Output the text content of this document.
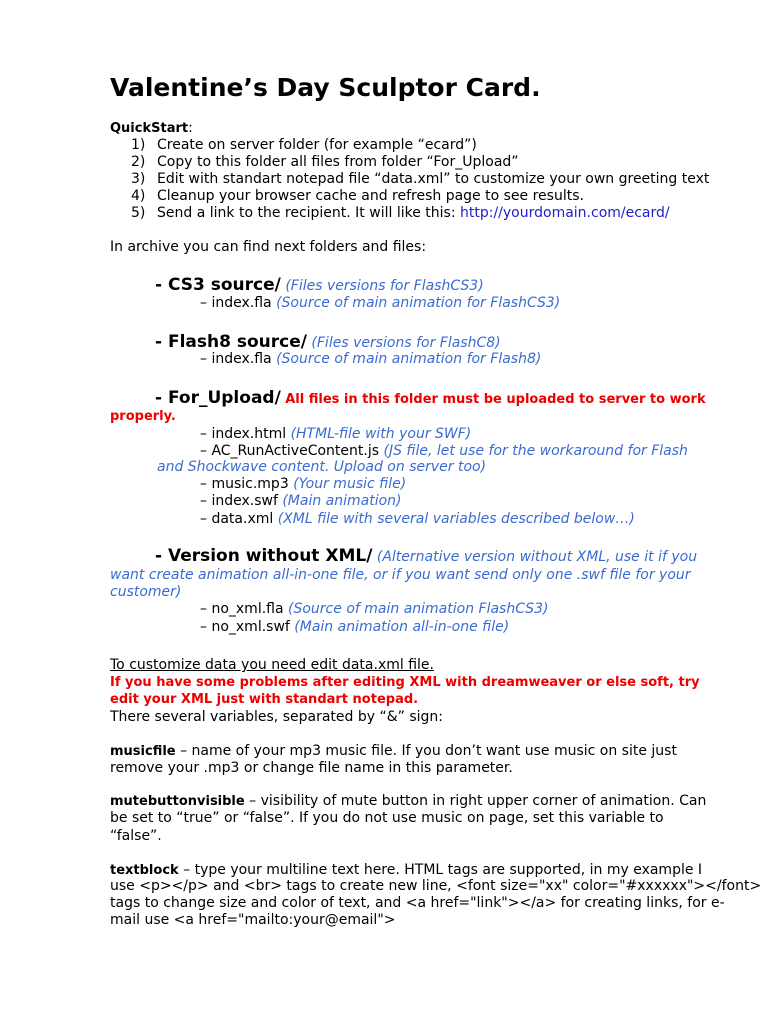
Valentine’s Day Sculptor Card.
QuickStart:
1) Create on server folder (for example “ecard”)
2) Copy to this folder all files from folder “For_Upload”
3) Edit with standart notepad file “data.xml” to customize your own greeting text
4) Cleanup your browser cache and refresh page to see results.
5) Send a link to the recipient. It will like this: http://yourdomain.com/ecard/
In archive you can find next folders and files:
- CS3 source/ (Files versions for FlashCS3)
– index.fla (Source of main animation for FlashCS3)
- Flash8 source/ (Files versions for FlashC8)
– index.fla (Source of main animation for Flash8)
- For_Upload/ All files in this folder must be uploaded to server to work
properly.
– index.html (HTML-file with your SWF)
– AC_RunActiveContent.js (JS file, let use for the workaround for Flash
and Shockwave content. Upload on server too)
– music.mp3 (Your music file)
– index.swf (Main animation)
– data.xml (XML file with several variables described below…)
- Version without XML/ (Alternative version without XML, use it if you
want create animation all-in-one file, or if you want send only one .swf file for your
customer)
– no_xml.fla (Source of main animation FlashCS3)
– no_xml.swf (Main animation all-in-one file)
To customize data you need edit data.xml file.
If you have some problems after editing XML with dreamweaver or else soft, try
edit your XML just with standart notepad.
There several variables, separated by “&” sign:
musicfile – name of your mp3 music file. If you don’t want use music on site just
remove your .mp3 or change file name in this parameter.
mutebuttonvisible – visibility of mute button in right upper corner of animation. Can
be set to “true” or “false”. If you do not use music on page, set this variable to
“false”.
textblock – type your multiline text here. HTML tags are supported, in my example I
use <p></p> and <br> tags to create new line, <font size="xx" color="#xxxxxx"></font>
tags to change size and color of text, and <a href="link"></a> for creating links, for e-
mail use <a href="mailto:your@email">
